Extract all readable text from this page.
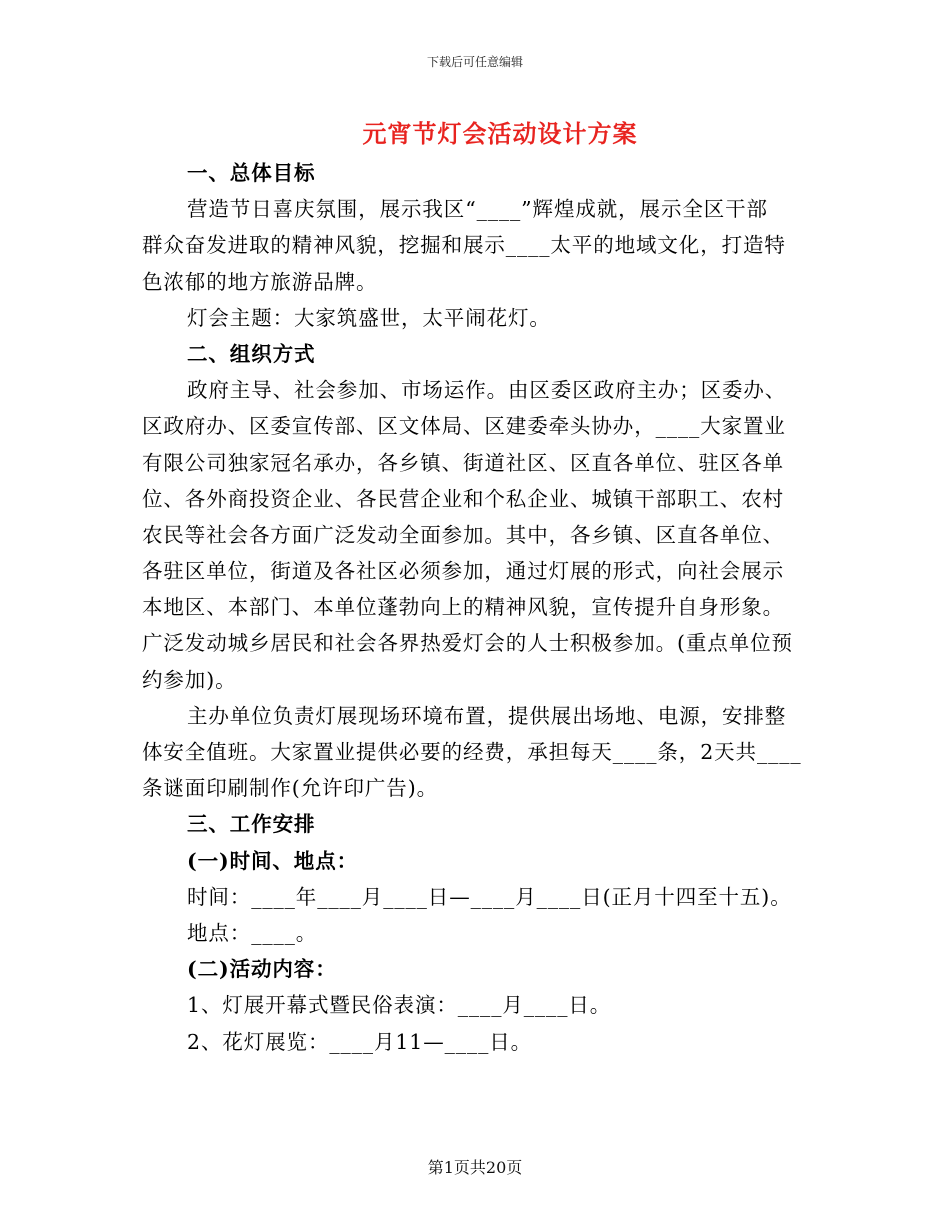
下载后可任意编辑
元宵节灯会活动设计方案
一、总体目标
营造节日喜庆氛围，展示我区“____”辉煌成就，展示全区干部
群众奋发进取的精神风貌，挖掘和展示____太平的地域文化，打造特
色浓郁的地方旅游品牌。
灯会主题：大家筑盛世，太平闹花灯。
二、组织方式
政府主导、社会参加、市场运作。由区委区政府主办；区委办、
区政府办、区委宣传部、区文体局、区建委牵头协办，____大家置业
有限公司独家冠名承办，各乡镇、街道社区、区直各单位、驻区各单
位、各外商投资企业、各民营企业和个私企业、城镇干部职工、农村
农民等社会各方面广泛发动全面参加。其中，各乡镇、区直各单位、
各驻区单位，街道及各社区必须参加，通过灯展的形式，向社会展示
本地区、本部门、本单位蓬勃向上的精神风貌，宣传提升自身形象。
广泛发动城乡居民和社会各界热爱灯会的人士积极参加。(重点单位预
约参加)。
主办单位负责灯展现场环境布置，提供展出场地、电源，安排整
体安全值班。大家置业提供必要的经费，承担每天____条，2天共____
条谜面印刷制作(允许印广告)。
三、工作安排
(一)时间、地点：
时间：____年____月____日—____月____日(正月十四至十五)。
地点：____。
(二)活动内容：
1、灯展开幕式暨民俗表演：____月____日。
2、花灯展览：____月11—____日。
第1页共20页
